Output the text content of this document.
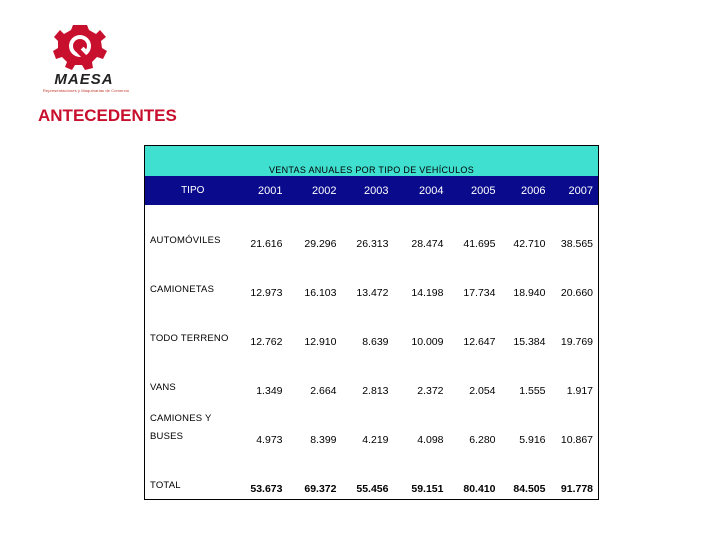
MAESA
Representaciones y Maquinarias de Comercio
ANTECEDENTES
VENTAS ANUALES POR TIPO DE VEHÍCULOS							
TIPO	2001	2002	2003	2004	2005	2006	2007
AUTOMÓVILES	21.616	29.296	26.313	28.474	41.695	42.710	38.565
CAMIONETAS	12.973	16.103	13.472	14.198	17.734	18.940	20.660
TODO TERRENO	12.762	12.910	8.639	10.009	12.647	15.384	19.769
VANS	1.349	2.664	2.813	2.372	2.054	1.555	1.917
CAMIONES Y BUSES	4.973	8.399	4.219	4.098	6.280	5.916	10.867
TOTAL	53.673	69.372	55.456	59.151	80.410	84.505	91.778
